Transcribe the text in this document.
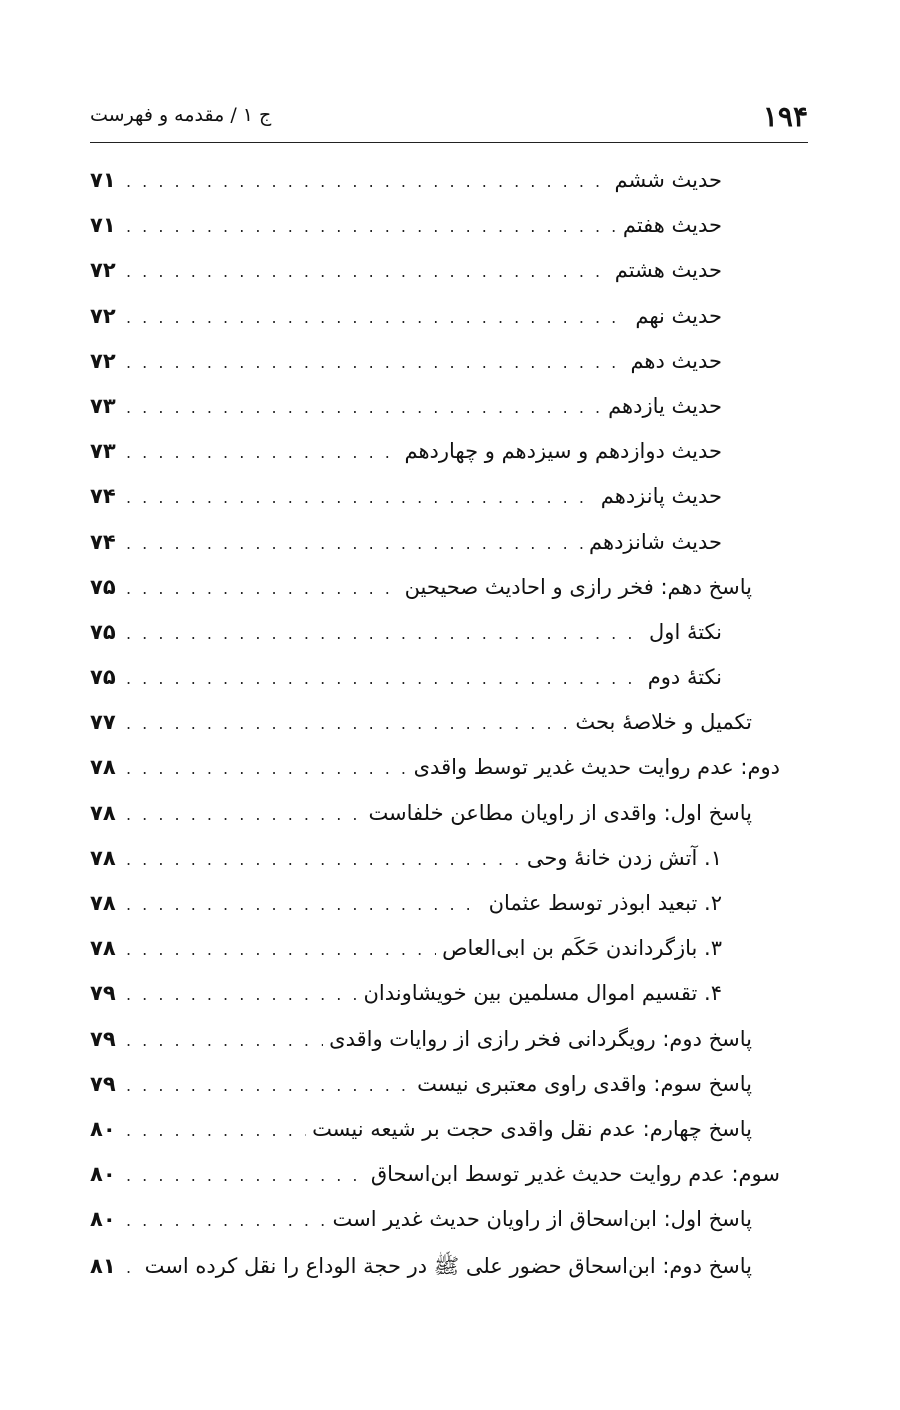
۱۹۴
ج ۱ / مقدمه و فهرست
حدیث ششم
. . .
۷۱
حدیث هفتم
. . .
۷۱
حدیث هشتم
. . .
۷۲
حدیث نهم
. . .
۷۲
حدیث دهم
. . .
۷۲
حدیث یازدهم
. . .
۷۳
حدیث دوازدهم و سیزدهم و چهاردهم
. . .
۷۳
حدیث پانزدهم
. . .
۷۴
حدیث شانزدهم
. . .
۷۴
پاسخ دهم: فخر رازی و احادیث صحیحین
. . .
۷۵
نکتهٔ اول
. . .
۷۵
نکتهٔ دوم
. . .
۷۵
تکمیل و خلاصهٔ بحث
. . .
۷۷
دوم: عدم روایت حدیث غدیر توسط واقدی
. . .
۷۸
پاسخ اول: واقدی از راویان مطاعن خلفاست
. . .
۷۸
۱. آتش زدن خانهٔ وحی
. . .
۷۸
۲. تبعید ابوذر توسط عثمان
. . .
۷۸
۳. بازگرداندن حَکَم بن ابی‌العاص
. . .
۷۸
۴. تقسیم اموال مسلمین بین خویشاوندان
. . .
۷۹
پاسخ دوم: رویگردانی فخر رازی از روایات واقدی
. . .
۷۹
پاسخ سوم: واقدی راوی معتبری نیست
. . .
۷۹
پاسخ چهارم: عدم نقل واقدی حجت بر شیعه نیست
. . .
۸۰
سوم: عدم روایت حدیث غدیر توسط ابن‌اسحاق
. . .
۸۰
پاسخ اول: ابن‌اسحاق از راویان حدیث غدیر است
. . .
۸۰
پاسخ دوم: ابن‌اسحاق حضور علی ﷺ در حجة الوداع را نقل کرده است
. . .
۸۱
